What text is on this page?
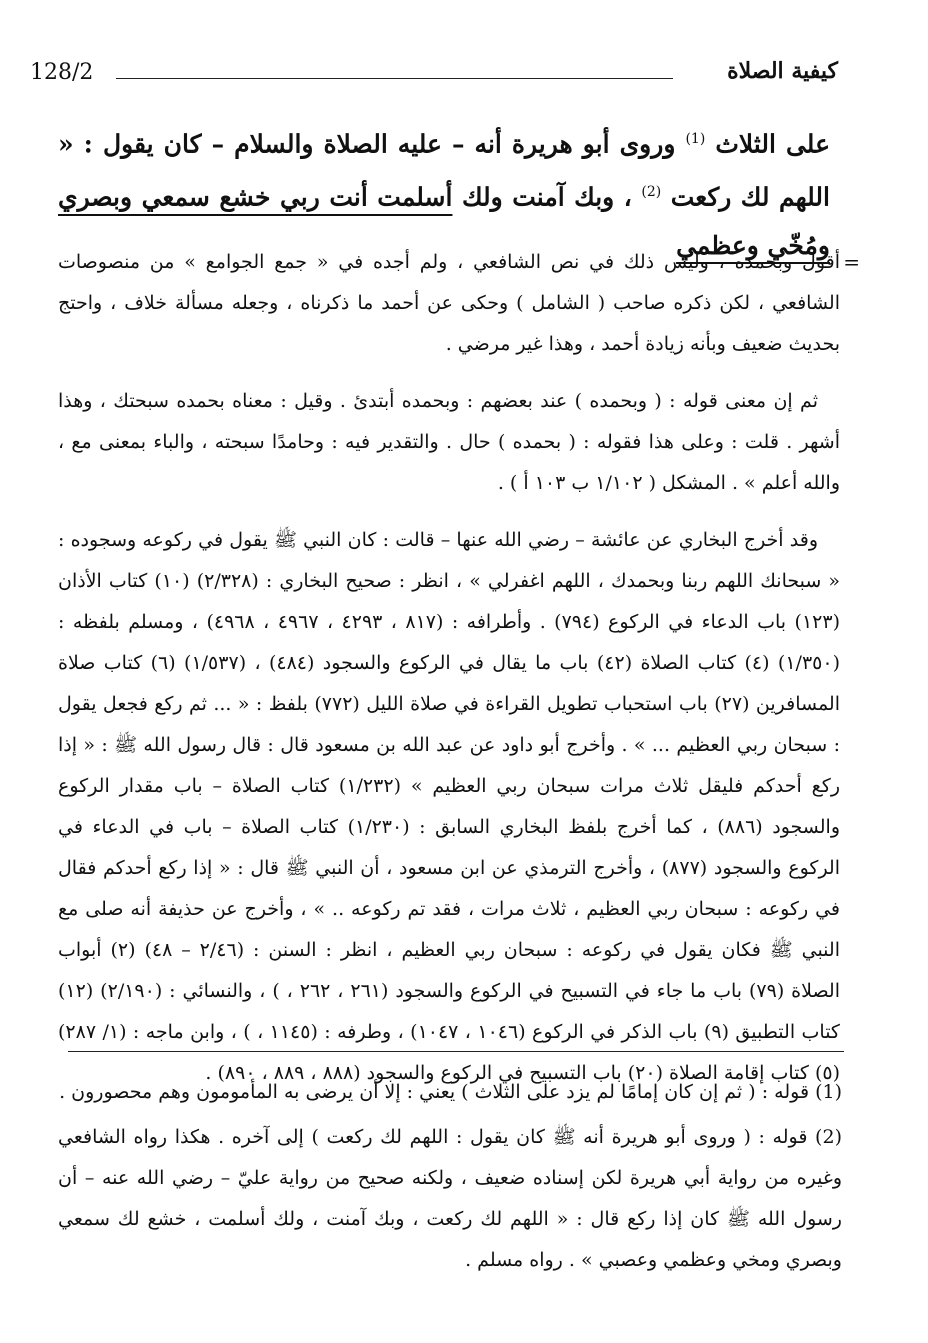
128/2	كيفية الصلاة
على الثلاث $^{(1)}$ وروى أبو هريرة أنه – عليه الصلاة والسلام – كان يقول : « اللهم لك ركعت $^{(2)}$ ، وبك آمنت ولك أسلمت أنت ربي خشع سمعي وبصري ومُخّي وعظمي
=

أقول وبحمده ، وليس ذلك في نص الشافعي ، ولم أجده في « جمع الجوامع » من منصوصات الشافعي ، لكن ذكره صاحب ( الشامل ) وحكى عن أحمد ما ذكرناه ، وجعله مسألة خلاف ، واحتج بحديث ضعيف وبأنه زيادة أحمد ، وهذا غير مرضي .

ثم إن معنى قوله : ( وبحمده ) عند بعضهم : وبحمده أبتدئ . وقيل : معناه بحمده سبحتك ، وهذا أشهر . قلت : وعلى هذا فقوله : ( بحمده ) حال . والتقدير فيه : وحامدًا سبحته ، والباء بمعنى مع ، والله أعلم » . المشكل ( ١/١٠٢ ب ١٠٣ أ ) .

وقد أخرج البخاري عن عائشة – رضي الله عنها – قالت : كان النبي ﷺ يقول في ركوعه وسجوده : « سبحانك اللهم ربنا وبحمدك ، اللهم اغفرلي » ، انظر : صحيح البخاري : (٢/٣٢٨) (١٠) كتاب الأذان (١٢٣) باب الدعاء في الركوع (٧٩٤) . وأطرافه : (٨١٧ ، ٤٢٩٣ ، ٤٩٦٧ ، ٤٩٦٨) ، ومسلم بلفظه : (١/٣٥٠) (٤) كتاب الصلاة (٤٢) باب ما يقال في الركوع والسجود (٤٨٤) ، (١/٥٣٧) (٦) كتاب صلاة المسافرين (٢٧) باب استحباب تطويل القراءة في صلاة الليل (٧٧٢) بلفظ : « ... ثم ركع فجعل يقول : سبحان ربي العظيم ... » . وأخرج أبو داود عن عبد الله بن مسعود قال : قال رسول الله ﷺ : « إذا ركع أحدكم فليقل ثلاث مرات سبحان ربي العظيم » (١/٢٣٢) كتاب الصلاة – باب مقدار الركوع والسجود (٨٨٦) ، كما أخرج بلفظ البخاري السابق : (١/٢٣٠) كتاب الصلاة – باب في الدعاء في الركوع والسجود (٨٧٧) ، وأخرج الترمذي عن ابن مسعود ، أن النبي ﷺ قال : « إذا ركع أحدكم فقال في ركوعه : سبحان ربي العظيم ، ثلاث مرات ، فقد تم ركوعه .. » ، وأخرج عن حذيفة أنه صلى مع النبي ﷺ فكان يقول في ركوعه : سبحان ربي العظيم ، انظر : السنن : (٢/٤٦ – ٤٨) (٢) أبواب الصلاة (٧٩) باب ما جاء في التسبيح في الركوع والسجود (٢٦١ ، ٢٦٢ ، ) ، والنسائي : (٢/١٩٠) (١٢) كتاب التطبيق (٩) باب الذكر في الركوع (١٠٤٦ ، ١٠٤٧) ، وطرفه : (١١٤٥ ، ) ، وابن ماجه : (١/ ٢٨٧) (٥) كتاب إقامة الصلاة (٢٠) باب التسبيح في الركوع والسجود (٨٨٨ ، ٨٨٩ ، ٨٩٠) .

(1) قوله : ( ثم إن كان إمامًا لم يزد على الثلاث ) يعني : إلا أن يرضى به المأمومون وهم محصورون .

(2) قوله : ( وروى أبو هريرة أنه ﷺ كان يقول : اللهم لك ركعت ) إلى آخره . هكذا رواه الشافعي وغيره من رواية أبي هريرة لكن إسناده ضعيف ، ولكنه صحيح من رواية عليّ – رضي الله عنه – أن رسول الله ﷺ كان إذا ركع قال : « اللهم لك ركعت ، وبك آمنت ، ولك أسلمت ، خشع لك سمعي وبصري ومخي وعظمي وعصبي » . رواه مسلم .
